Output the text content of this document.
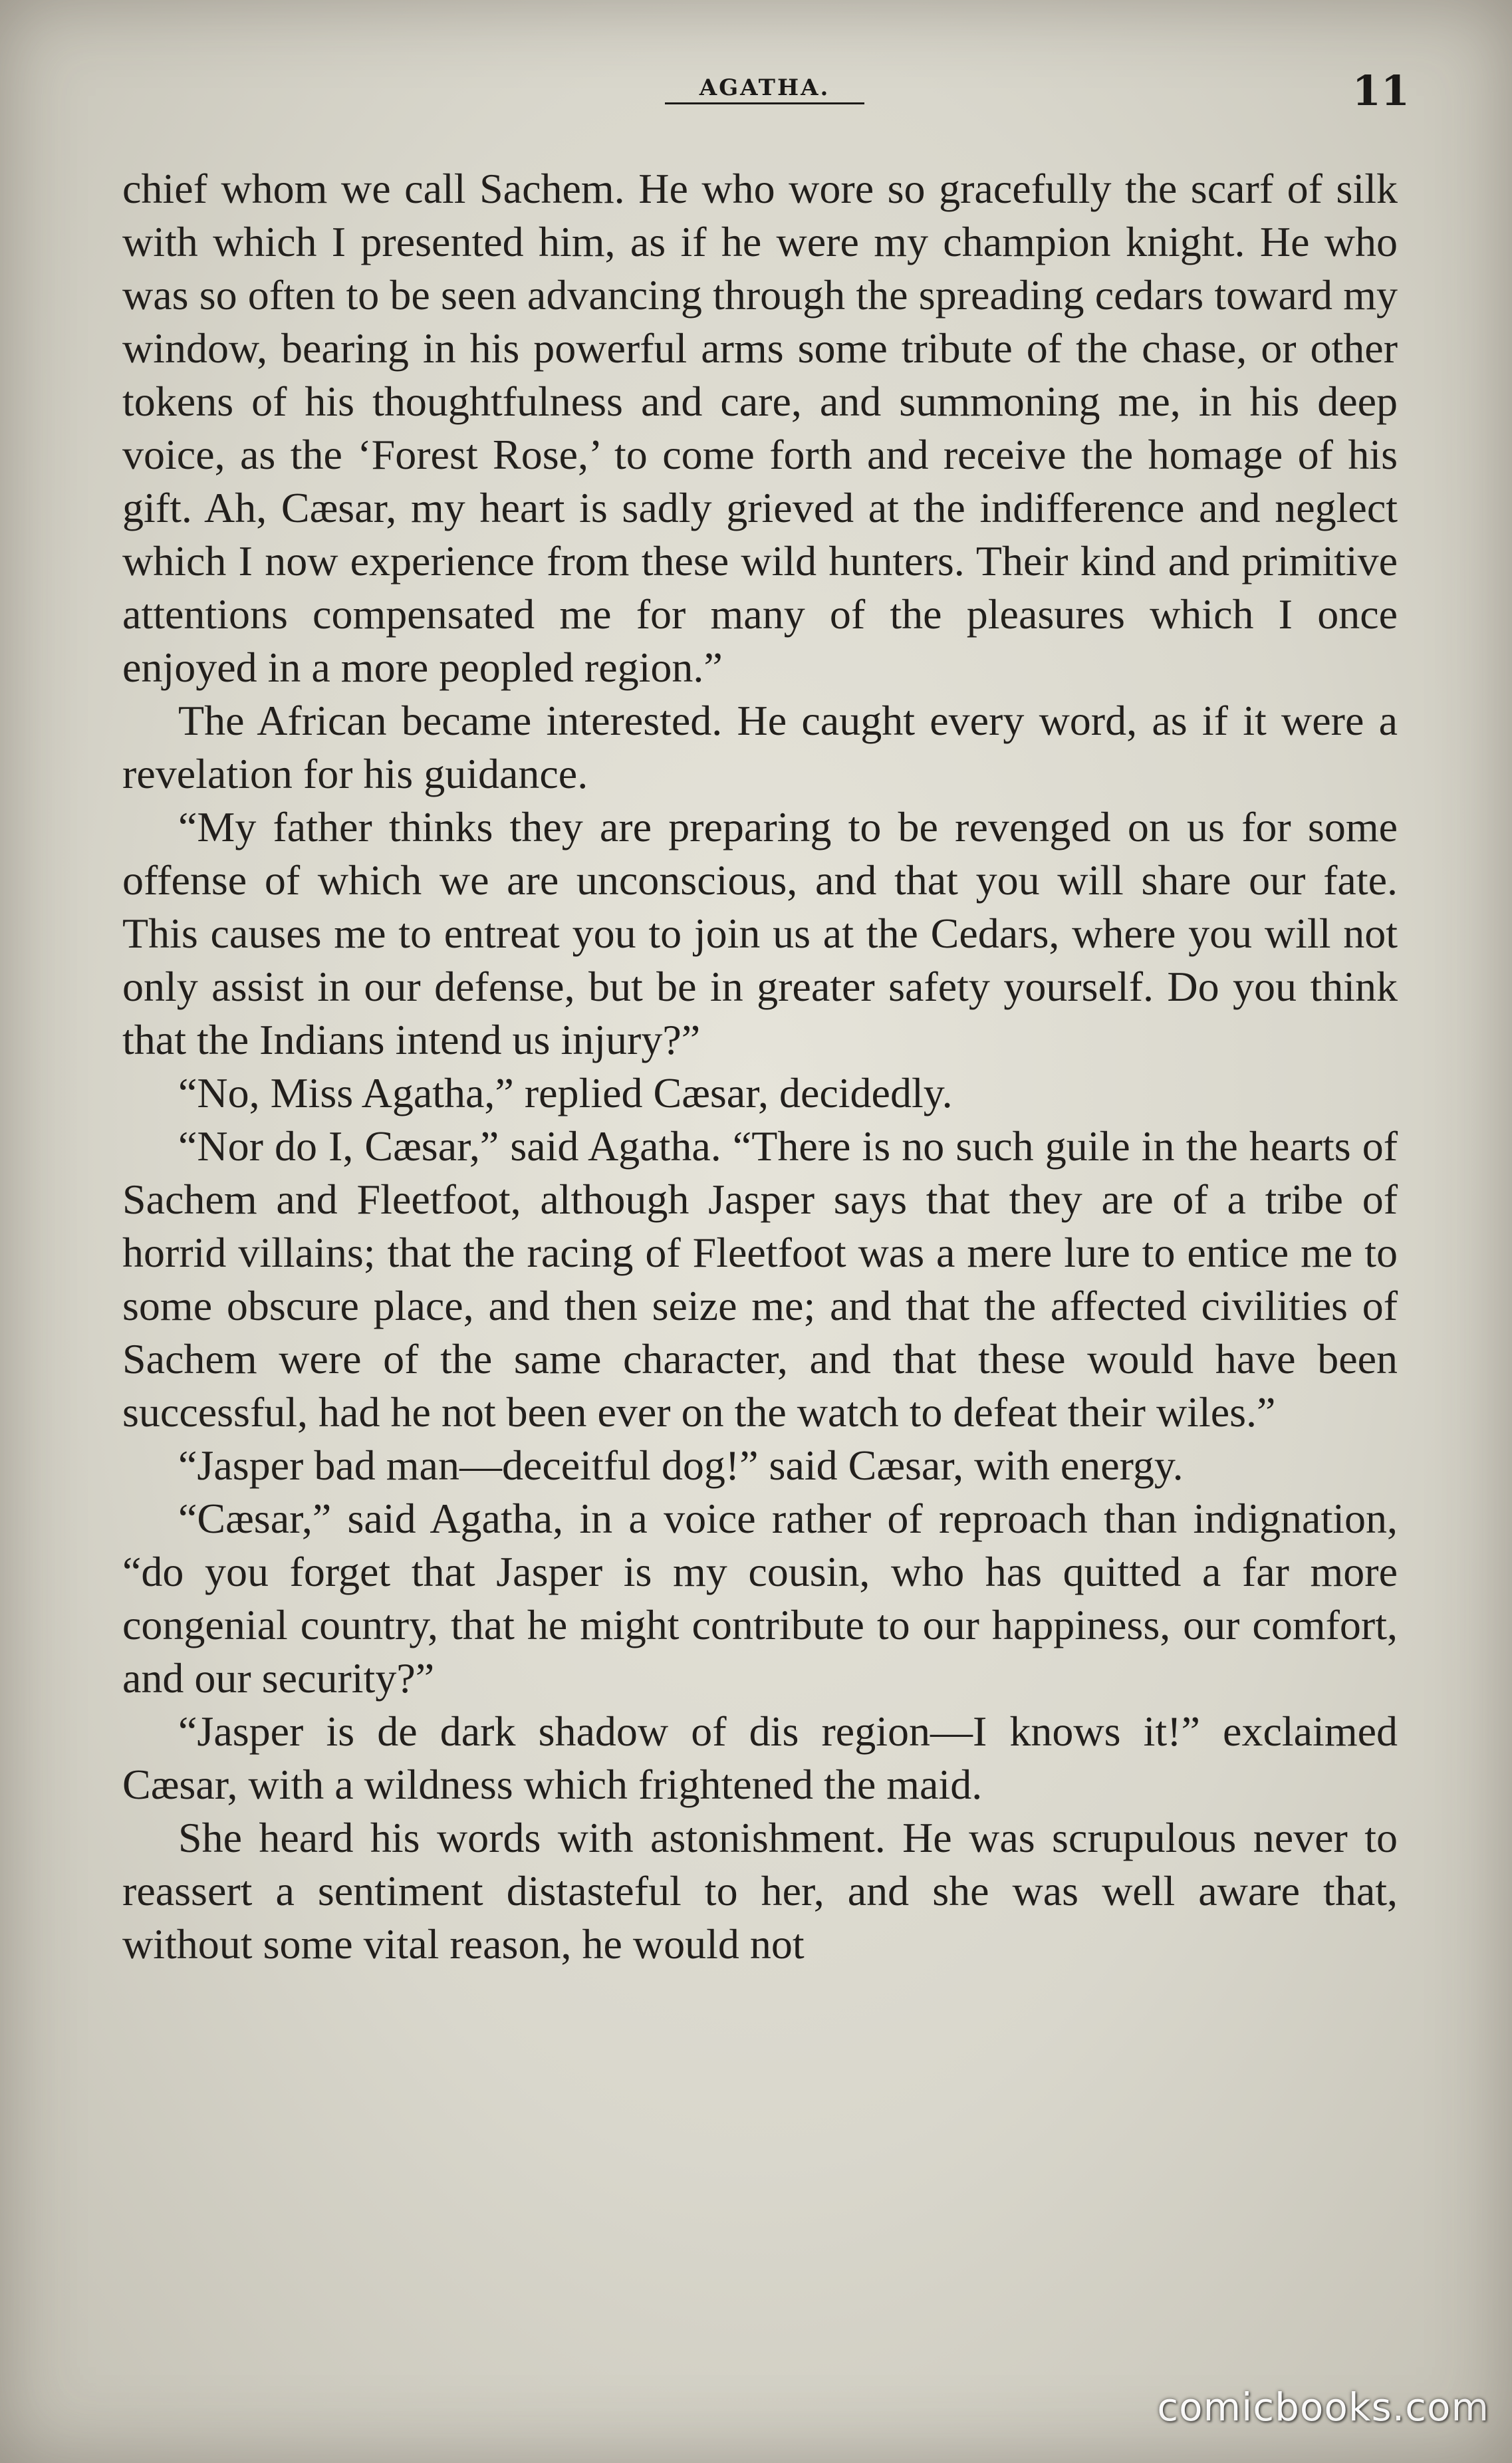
AGATHA.	11

chief whom we call Sachem. He who wore so gracefully the scarf of silk with which I presented him, as if he were my champion knight. He who was so often to be seen advancing through the spreading cedars toward my window, bearing in his powerful arms some tribute of the chase, or other tokens of his thoughtfulness and care, and summoning me, in his deep voice, as the ‘Forest Rose,’ to come forth and receive the homage of his gift. Ah, Cæsar, my heart is sadly grieved at the indifference and neglect which I now experience from these wild hunters. Their kind and primitive attentions compensated me for many of the pleasures which I once enjoyed in a more peopled region.”

The African became interested. He caught every word, as if it were a revelation for his guidance.

“My father thinks they are preparing to be revenged on us for some offense of which we are unconscious, and that you will share our fate. This causes me to entreat you to join us at the Cedars, where you will not only assist in our defense, but be in greater safety yourself. Do you think that the Indians intend us injury?”

“No, Miss Agatha,” replied Cæsar, decidedly.

“Nor do I, Cæsar,” said Agatha. “There is no such guile in the hearts of Sachem and Fleetfoot, although Jasper says that they are of a tribe of horrid villains; that the racing of Fleetfoot was a mere lure to entice me to some obscure place, and then seize me; and that the affected civilities of Sachem were of the same character, and that these would have been successful, had he not been ever on the watch to defeat their wiles.”

“Jasper bad man—deceitful dog!” said Cæsar, with energy.

“Cæsar,” said Agatha, in a voice rather of reproach than indignation, “do you forget that Jasper is my cousin, who has quitted a far more congenial country, that he might contribute to our happiness, our comfort, and our security?”

“Jasper is de dark shadow of dis region—I knows it!” exclaimed Cæsar, with a wildness which frightened the maid.

She heard his words with astonishment. He was scrupulous never to reassert a sentiment distasteful to her, and she was well aware that, without some vital reason, he would not

comicbooks.com
